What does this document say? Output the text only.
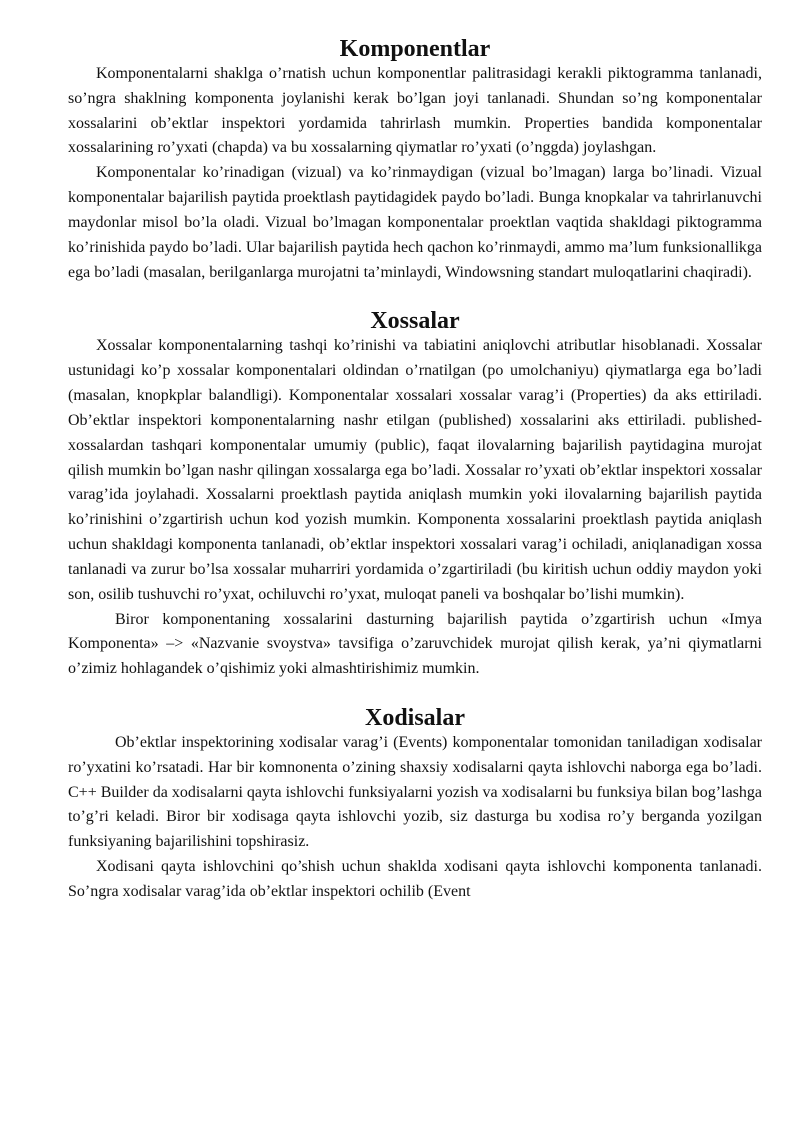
Komponentlar

Komponentalarni shaklga o’rnatish uchun komponentlar palitrasidagi kerakli piktogramma tanlanadi, so’ngra shaklning komponenta joylanishi kerak bo’lgan joyi tanlanadi. Shundan so’ng komponentalar xossalarini ob’ektlar inspektori yordamida tahrirlash mumkin. Properties bandida komponentalar xossalarining ro’yxati (chapda) va bu xossalarning qiymatlar ro’yxati (o’nggda) joylashgan.

Komponentalar ko’rinadigan (vizual) va ko’rinmaydigan (vizual bo’lmagan) larga bo’linadi. Vizual komponentalar bajarilish paytida proektlash paytidagidek paydo bo’ladi. Bunga knopkalar va tahrirlanuvchi maydonlar misol bo’la oladi. Vizual bo’lmagan komponentalar proektlan vaqtida shakldagi piktogramma ko’rinishida paydo bo’ladi. Ular bajarilish paytida hech qachon ko’rinmaydi, ammo ma’lum funksionallikga ega bo’ladi (masalan, berilganlarga murojatni ta’minlaydi, Windowsning standart muloqatlarini chaqiradi).

Xossalar

Xossalar komponentalarning tashqi ko’rinishi va tabiatini aniqlovchi atributlar hisoblanadi. Xossalar ustunidagi ko’p xossalar komponentalari oldindan o’rnatilgan (po umolchaniyu) qiymatlarga ega bo’ladi (masalan, knopkplar balandligi). Komponentalar xossalari xossalar varag’i (Properties) da aks ettiriladi. Ob’ektlar inspektori komponentalarning nashr etilgan (published) xossalarini aks ettiriladi. published-xossalardan tashqari komponentalar umumiy (public), faqat ilovalarning bajarilish paytidagina murojat qilish mumkin bo’lgan nashr qilingan xossalarga ega bo’ladi. Xossalar ro’yxati ob’ektlar inspektori xossalar varag’ida joylahadi. Xossalarni proektlash paytida aniqlash mumkin yoki ilovalarning bajarilish paytida ko’rinishini o’zgartirish uchun kod yozish mumkin. Komponenta xossalarini proektlash paytida aniqlash uchun shakldagi komponenta tanlanadi, ob’ektlar inspektori xossalari varag’i ochiladi, aniqlanadigan xossa tanlanadi va zurur bo’lsa xossalar muharriri yordamida o’zgartiriladi (bu kiritish uchun oddiy maydon yoki son, osilib tushuvchi ro’yxat, ochiluvchi ro’yxat, muloqat paneli va boshqalar bo’lishi mumkin).

Biror komponentaning xossalarini dasturning bajarilish paytida o’zgartirish uchun «Imya Komponenta» –> «Nazvanie svoystva» tavsifiga o’zaruvchidek murojat qilish kerak, ya’ni qiymatlarni o’zimiz hohlagandek o’qishimiz yoki almashtirishimiz mumkin.

Xodisalar

Ob’ektlar inspektorining xodisalar varag’i (Events) komponentalar tomonidan taniladigan xodisalar ro’yxatini ko’rsatadi. Har bir komnonenta o’zining shaxsiy xodisalarni qayta ishlovchi naborga ega bo’ladi. C++ Builder da xodisalarni qayta ishlovchi funksiyalarni yozish va xodisalarni bu funksiya bilan bog’lashga to’g’ri keladi. Biror bir xodisaga qayta ishlovchi yozib, siz dasturga bu xodisa ro’y berganda yozilgan funksiyaning bajarilishini topshirasiz.

Xodisani qayta ishlovchini qo’shish uchun shaklda xodisani qayta ishlovchi komponenta tanlanadi. So’ngra xodisalar varag’ida ob’ektlar inspektori ochilib (Event
